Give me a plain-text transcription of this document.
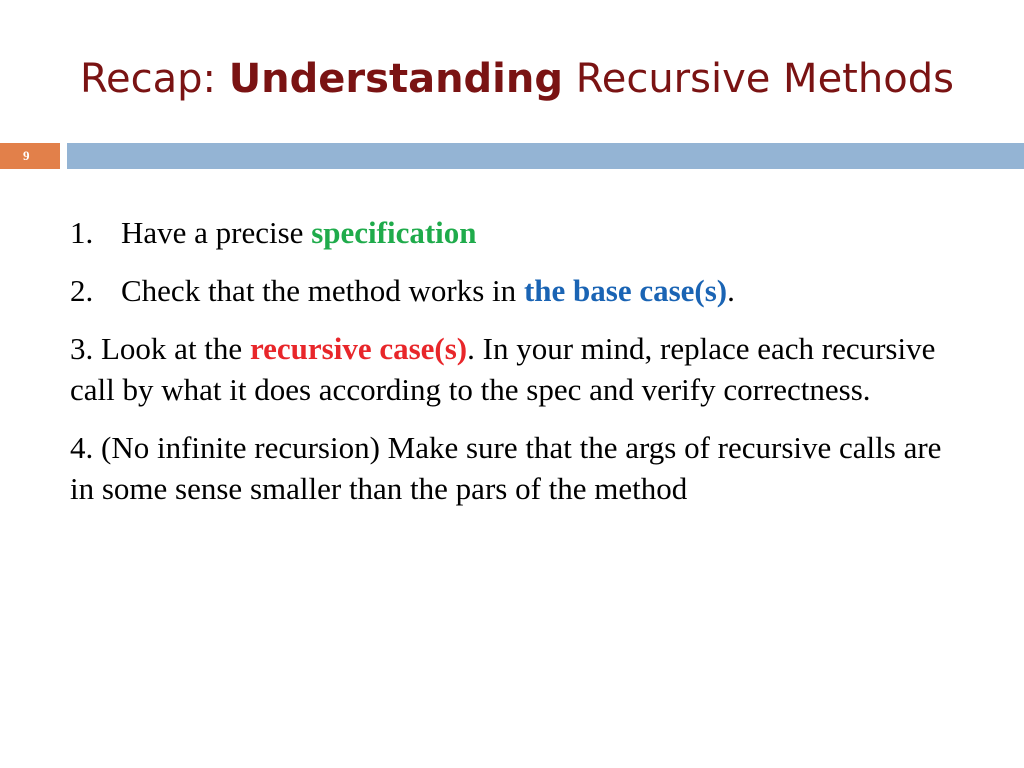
Recap: Understanding Recursive Methods
9
1. Have a precise specification
2. Check that the method works in the base case(s).
3. Look at the recursive case(s). In your mind, replace each recursive call by what it does according to the spec and verify correctness.
4. (No infinite recursion) Make sure that the args of recursive calls are in some sense smaller than the pars of the method
